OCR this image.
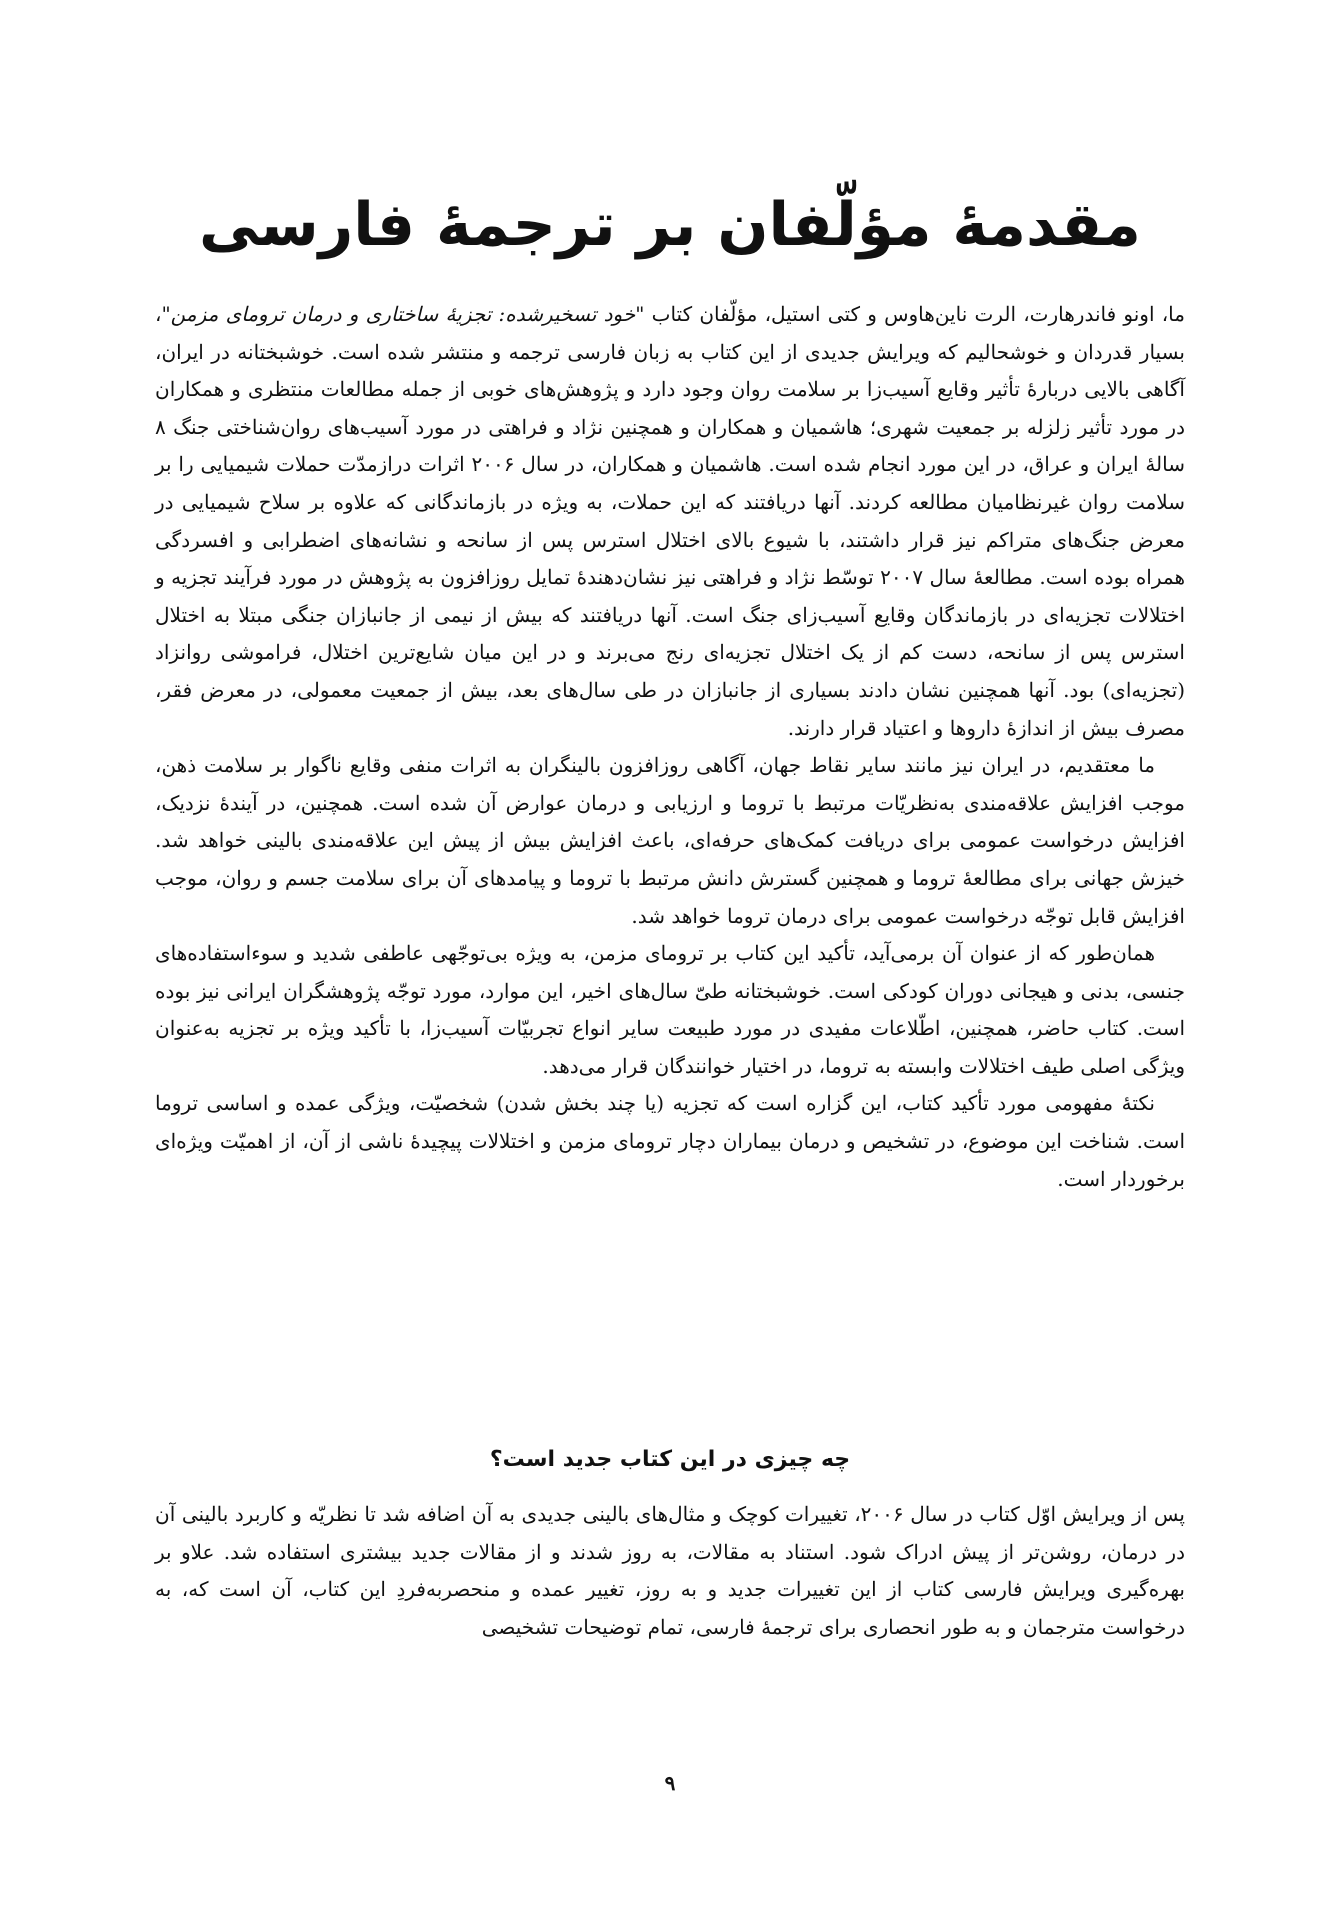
مقدمهٔ مؤلّفان بر ترجمهٔ فارسی

ما، اونو فاندرهارت، الرت ناین‌هاوس و کتی استیل، مؤلّفان کتاب "خود تسخیرشده: تجزیهٔ ساختاری و درمان ترومای مزمن"، بسیار قدردان و خوشحالیم که ویرایش جدیدی از این کتاب به زبان فارسی ترجمه و منتشر شده است. خوشبختانه در ایران، آگاهی بالایی دربارهٔ تأثیر وقایع آسیب‌زا بر سلامت روان وجود دارد و پژوهش‌های خوبی از جمله مطالعات منتظری و همکاران در مورد تأثیر زلزله بر جمعیت شهری؛ هاشمیان و همکاران و همچنین نژاد و فراهتی در مورد آسیب‌های روان‌شناختی جنگ ۸ سالهٔ ایران و عراق، در این مورد انجام شده است. هاشمیان و همکاران، در سال ۲۰۰۶ اثرات درازمدّت حملات شیمیایی را بر سلامت روان غیرنظامیان مطالعه کردند. آنها دریافتند که این حملات، به ویژه در بازماندگانی که علاوه بر سلاح شیمیایی در معرض جنگ‌های متراکم نیز قرار داشتند، با شیوع بالای اختلال استرس پس از سانحه و نشانه‌های اضطرابی و افسردگی همراه بوده است. مطالعهٔ سال ۲۰۰۷ توسّط نژاد و فراهتی نیز نشان‌دهندهٔ تمایل روزافزون به پژوهش در مورد فرآیند تجزیه و اختلالات تجزیه‌ای در بازماندگان وقایع آسیب‌زای جنگ است. آنها دریافتند که بیش از نیمی از جانبازان جنگی مبتلا به اختلال استرس پس از سانحه، دست کم از یک اختلال تجزیه‌ای رنج می‌برند و در این میان شایع‌ترین اختلال، فراموشی روانزاد (تجزیه‌ای) بود. آنها همچنین نشان دادند بسیاری از جانبازان در طی سال‌های بعد، بیش از جمعیت معمولی، در معرض فقر، مصرف بیش از اندازهٔ داروها و اعتیاد قرار دارند.

ما معتقدیم، در ایران نیز مانند سایر نقاط جهان، آگاهی روزافزون بالینگران به اثرات منفی وقایع ناگوار بر سلامت ذهن، موجب افزایش علاقه‌مندی به‌نظریّات مرتبط با تروما و ارزیابی و درمان عوارض آن شده است. همچنین، در آیندهٔ نزدیک، افزایش درخواست عمومی برای دریافت کمک‌های حرفه‌ای، باعث افزایش بیش از پیش این علاقه‌مندی بالینی خواهد شد. خیزش جهانی برای مطالعهٔ تروما و همچنین گسترش دانش مرتبط با تروما و پیامدهای آن برای سلامت جسم و روان، موجب افزایش قابل توجّه درخواست عمومی برای درمان تروما خواهد شد.

همان‌طور که از عنوان آن برمی‌آید، تأکید این کتاب بر ترومای مزمن، به ویژه بی‌توجّهی عاطفی شدید و سوءاستفاده‌های جنسی، بدنی و هیجانی دوران کودکی است. خوشبختانه طیّ سال‌های اخیر، این موارد، مورد توجّه پژوهشگران ایرانی نیز بوده است. کتاب حاضر، همچنین، اطّلاعات مفیدی در مورد طبیعت سایر انواع تجربیّات آسیب‌زا، با تأکید ویژه بر تجزیه به‌عنوان ویژگی اصلی طیف اختلالات وابسته به تروما، در اختیار خوانندگان قرار می‌دهد.

نکتهٔ مفهومی مورد تأکید کتاب، این گزاره است که تجزیه (یا چند بخش شدن) شخصیّت، ویژگی عمده و اساسی تروما است. شناخت این موضوع، در تشخیص و درمان بیماران دچار ترومای مزمن و اختلالات پیچیدهٔ ناشی از آن، از اهمیّت ویژه‌ای برخوردار است.

چه چیزی در این کتاب جدید است؟

پس از ویرایش اوّل کتاب در سال ۲۰۰۶، تغییرات کوچک و مثال‌های بالینی جدیدی به آن اضافه شد تا نظریّه و کاربرد بالینی آن در درمان، روشن‌تر از پیش ادراک شود. استناد به مقالات، به روز شدند و از مقالات جدید بیشتری استفاده شد. علاو بر بهره‌گیری ویرایش فارسی کتاب از این تغییرات جدید و به روز، تغییر عمده و منحصربه‌فردِ این کتاب، آن است که، به درخواست مترجمان و به طور انحصاری برای ترجمهٔ فارسی، تمام توضیحات تشخیصی

۹
